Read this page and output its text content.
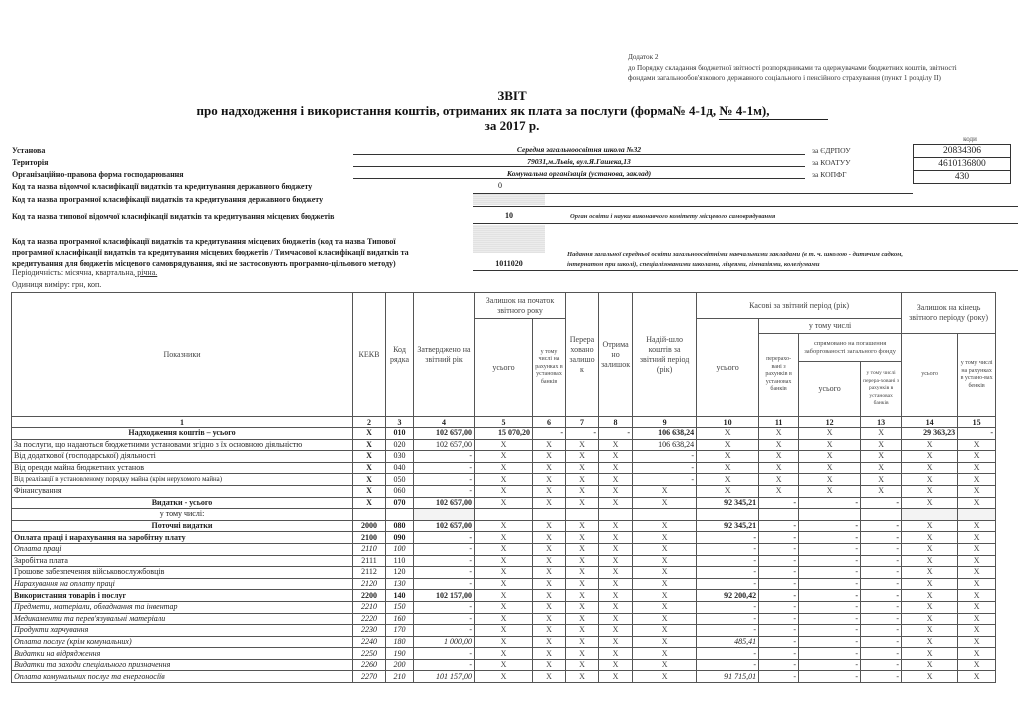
Додаток 2
до Порядку складання бюджетної звітності розпорядниками та одержувачами бюджетних коштів, звітності
фондами загальнообов'язкового державного соціального і пенсійного страхування (пункт 1 розділу II)
ЗВІТ
про надходження і використання коштів, отриманих як плата за послуги (форма№ 4-1д, № 4-1м),
за 2017 р.
коди
Установа	Середня загальноосвітня школа №32	за ЄДРПОУ	20834306
Територія	79031,м.Львів, вул.Я.Гашека,13	за КОАТУУ	4610136800
Організаційно-правова форма господарювання	Комунальна організація (установа, заклад)	за КОПФГ	430
Код та назва відомчої класифікації видатків та кредитування державного бюджету	0
Код та назва програмної класифікації видатків та кредитування державного бюджету
Код та назва типової відомчої класифікації видатків та кредитування місцевих бюджетів	10	Орган освіти і науки виконавчого комітету місцевого самоврядування
Код та назва програмної класифікації видатків та кредитування місцевих бюджетів (код та назва Типової
програмної класифікації видатків та кредитування місцевих бюджетів / Тимчасової класифікації видатків та
кредитування для бюджетів місцевого самоврядування, які не застосовують програмно-цільового методу)	1011020
Надання загальної середньої освіти загальноосвітніми навчальними закладами (в т. ч. школою - дитячим садком,
інтернатом при школі), спеціалізованими школами, ліцеями, гімназіями, колегіумами
Періодичність: місячна, квартальна, річна.
Одиниця виміру: грн, коп.
Показники	КЕКВ	Код рядка	Затверджено на звітний рік	Залишок на початок звітного року		Перера ховано залишо к	Отрима но залишок	Надій-шло коштів за звітний період (рік)	Касові за звітний період (рік)				Залишок на кінець звітного періоду (року)	
				усього	у тому числі на рахунках в установах банків				усього	у тому числі				
										перерахо-вані з рахунків в установах банків	спрямовано на погашення заборгованості загального фонду		усього	у тому числі на рахунках в устано-вах бенків
											усього	у тому числі перера-ховані з рахунків в установах банків		
1	2	3	4	5	6	7	8	9	10	11	12	13	14	15
Надходження коштів – усього	X	010	102 657,00	15 070,20	-	-	-	106 638,24	X	X	X	X	29 363,23	-
За послуги, що надаються бюджетними установами згідно з їх основною діяльністю	X	020	102 657,00	X	X	X	X	106 638,24	X	X	X	X	X	X
Від додаткової (господарської) діяльності	X	030	-	X	X	X	X	-	X	X	X	X	X	X
Від оренди майна бюджетних установ	X	040	-	X	X	X	X	-	X	X	X	X	X	X
Від реалізації в установленому порядку майна (крім нерухомого майна)	X	050	-	X	X	X	X	-	X	X	X	X	X	X
Фінансування	X	060	-	X	X	X	X	X	X	X	X	X	X	X
Видатки - усього	X	070	102 657,00	X	X	X	X	X	92 345,21	-	-	-	X	X
у тому числі:														
Поточні видатки	2000	080	102 657,00	X	X	X	X	X	92 345,21	-	-	-	X	X
Оплата праці і нарахування на заробітну плату	2100	090	-	X	X	X	X	X	-	-	-	-	X	X
Оплата праці	2110	100	-	X	X	X	X	X	-	-	-	-	X	X
Заробітна плата	2111	110	-	X	X	X	X	X	-	-	-	-	X	X
Грошове забезпечення військовослужбовців	2112	120	-	X	X	X	X	X	-	-	-	-	X	X
Нарахування на оплату праці	2120	130	-	X	X	X	X	X	-	-	-	-	X	X
Використання товарів і послуг	2200	140	102 157,00	X	X	X	X	X	92 200,42	-	-	-	X	X
Предмети, матеріали, обладнання та інвентар	2210	150	-	X	X	X	X	X	-	-	-	-	X	X
Медикаменти та перев'язувальні матеріали	2220	160	-	X	X	X	X	X	-	-	-	-	X	X
Продукти харчування	2230	170	-	X	X	X	X	X	-	-	-	-	X	X
Оплата послуг (крім комунальних)	2240	180	1 000,00	X	X	X	X	X	485,41	-	-	-	X	X
Видатки на відрядження	2250	190	-	X	X	X	X	X	-	-	-	-	X	X
Видатки та заходи спеціального призначення	2260	200	-	X	X	X	X	X	-	-	-	-	X	X
Оплата комунальних послуг та енергоносіїв	2270	210	101 157,00	X	X	X	X	X	91 715,01	-	-	-	X	X
